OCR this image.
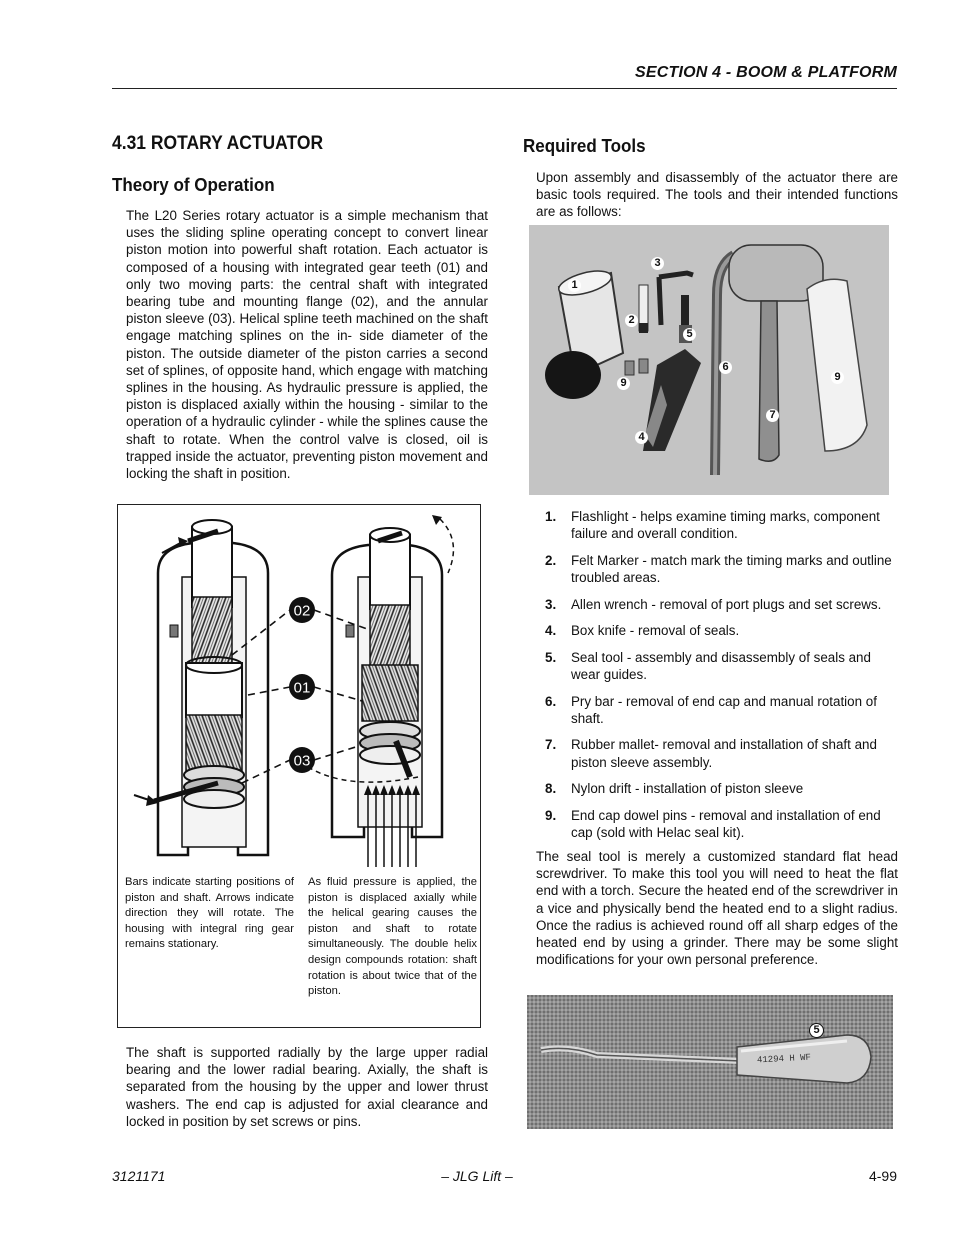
SECTION 4 - BOOM & PLATFORM
4.31 ROTARY ACTUATOR
Theory of Operation

The L20 Series rotary actuator is a simple mechanism that uses the sliding spline operating concept to convert linear piston motion into powerful shaft rotation. Each actuator is composed of a housing with integrated gear teeth (01) and only two moving parts: the central shaft with integrated bearing tube and mounting flange (02), and the annular piston sleeve (03). Helical spline teeth machined on the shaft engage matching splines on the in- side diameter of the piston. The outside diameter of the piston carries a second set of splines, of opposite hand, which engage with matching splines in the housing. As hydraulic pressure is applied, the piston is displaced axially within the housing - similar to the operation of a hydraulic cylinder - while the splines cause the shaft to rotate. When the control valve is closed, oil is trapped inside the actuator, preventing piston movement and locking the shaft in position.

02
01
03
Bars indicate starting positions of piston and shaft. Arrows indicate direction they will rotate. The housing with integral ring gear remains stationary.
As fluid pressure is applied, the piston is displaced axially while the helical gearing causes the piston and shaft to rotate simultaneously. The double helix design compounds rotation: shaft rotation is about twice that of the piston.

The shaft is supported radially by the large upper radial bearing and the lower radial bearing. Axially, the shaft is separated from the housing by the upper and lower thrust washers. The end cap is adjusted for axial clearance and locked in position by set screws or pins.

Required Tools

Upon assembly and disassembly of the actuator there are basic tools required. The tools and their intended functions are as follows:

1
2
3
4
5
6
7
9	9
1. Flashlight - helps examine timing marks, component failure and overall condition.
2. Felt Marker - match mark the timing marks and outline troubled areas.
3. Allen wrench - removal of port plugs and set screws.
4. Box knife - removal of seals.
5. Seal tool - assembly and disassembly of seals and wear guides.
6. Pry bar - removal of end cap and manual rotation of shaft.
7. Rubber mallet- removal and installation of shaft and piston sleeve assembly.
8. Nylon drift - installation of piston sleeve
9. End cap dowel pins - removal and installation of end cap (sold with Helac seal kit).

The seal tool is merely a customized standard flat head screwdriver. To make this tool you will need to heat the flat end with a torch. Secure the heated end of the screwdriver in a vice and physically bend the heated end to a slight radius. Once the radius is achieved round off all sharp edges of the heated end by using a grinder. There may be some slight modifications for your own personal preference.

41294 H WF
5
3121171	– JLG Lift –	4-99
